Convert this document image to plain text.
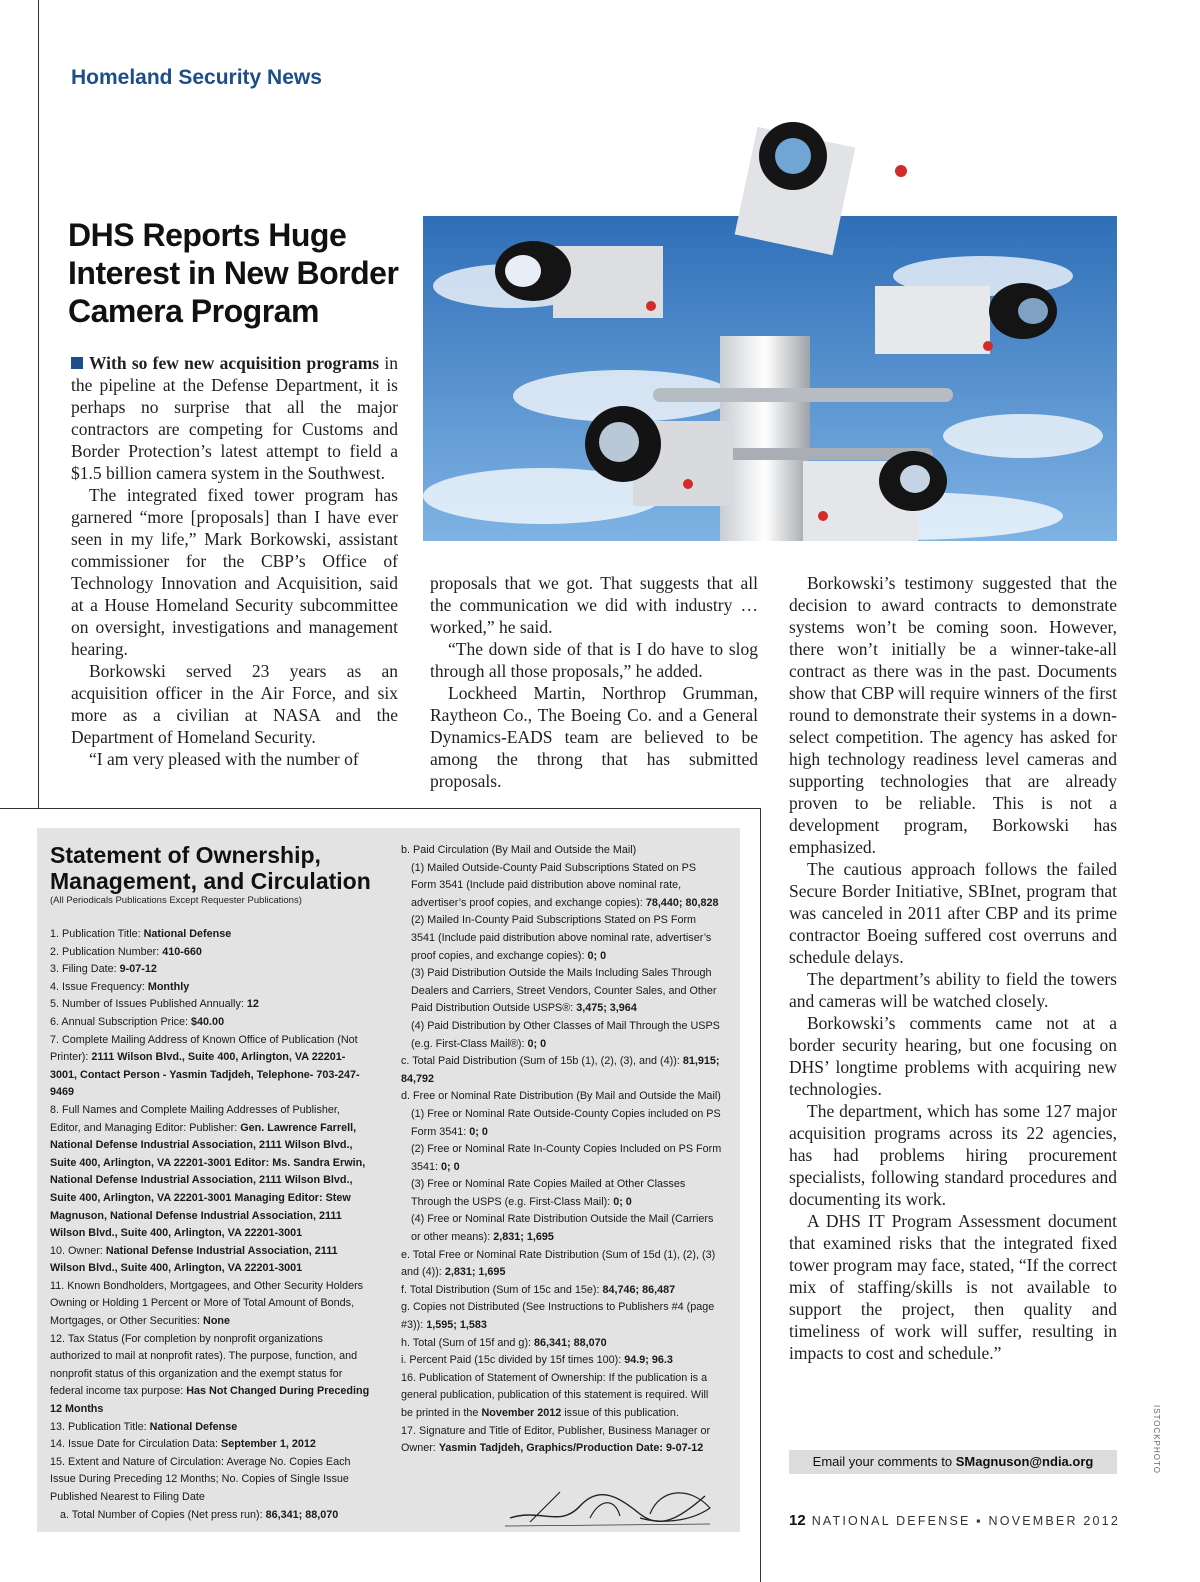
Homeland Security News
DHS Reports Huge Interest in New Border Camera Program

With so few new acquisition programs in the pipeline at the Defense Department, it is perhaps no surprise that all the major contractors are competing for Customs and Border Protection’s latest attempt to field a $1.5 billion camera system in the Southwest.

The integrated fixed tower program has garnered “more [proposals] than I have ever seen in my life,” Mark Borkowski, assistant commissioner for the CBP’s Office of Technology Innovation and Acquisition, said at a House Homeland Security subcommittee on oversight, investigations and management hearing.

Borkowski served 23 years as an acquisition officer in the Air Force, and six more as a civilian at NASA and the Department of Homeland Security.

“I am very pleased with the number of

proposals that we got. That suggests that all the communication we did with industry … worked,” he said.

“The down side of that is I do have to slog through all those proposals,” he added.

Lockheed Martin, Northrop Grumman, Raytheon Co., The Boeing Co. and a General Dynamics-EADS team are believed to be among the throng that has submitted proposals.

Borkowski’s testimony suggested that the decision to award contracts to demonstrate systems won’t be coming soon. However, there won’t initially be a winner-take-all contract as there was in the past. Documents show that CBP will require winners of the first round to demonstrate their systems in a down-select competition. The agency has asked for high technology readiness level cameras and supporting technologies that are already proven to be reliable. This is not a development program, Borkowski has emphasized.

The cautious approach follows the failed Secure Border Initiative, SBInet, program that was canceled in 2011 after CBP and its prime contractor Boeing suffered cost overruns and schedule delays.

The department’s ability to field the towers and cameras will be watched closely.

Borkowski’s comments came not at a border security hearing, but one focusing on DHS’ longtime problems with acquiring new technologies.

The department, which has some 127 major acquisition programs across its 22 agencies, has had problems hiring procurement specialists, following standard procedures and documenting its work.

A DHS IT Program Assessment document that examined risks that the integrated fixed tower program may face, stated, “If the correct mix of staffing/skills is not available to support the project, then quality and timeliness of work will suffer, resulting in impacts to cost and schedule.”

Statement of Ownership, Management, and Circulation
(All Periodicals Publications Except Requester Publications)
1. Publication Title: National Defense
2. Publication Number: 410-660
3. Filing Date: 9-07-12
4. Issue Frequency: Monthly
5. Number of Issues Published Annually: 12
6. Annual Subscription Price: $40.00
7. Complete Mailing Address of Known Office of Publication (Not Printer): 2111 Wilson Blvd., Suite 400, Arlington, VA 22201-3001, Contact Person - Yasmin Tadjdeh, Telephone- 703-247-9469
8. Full Names and Complete Mailing Addresses of Publisher, Editor, and Managing Editor: Publisher: Gen. Lawrence Farrell, National Defense Industrial Association, 2111 Wilson Blvd., Suite 400, Arlington, VA 22201-3001 Editor: Ms. Sandra Erwin, National Defense Industrial Association, 2111 Wilson Blvd., Suite 400, Arlington, VA 22201-3001 Managing Editor: Stew Magnuson, National Defense Industrial Association, 2111 Wilson Blvd., Suite 400, Arlington, VA 22201-3001
10. Owner: National Defense Industrial Association, 2111 Wilson Blvd., Suite 400, Arlington, VA 22201-3001
11. Known Bondholders, Mortgagees, and Other Security Holders Owning or Holding 1 Percent or More of Total Amount of Bonds, Mortgages, or Other Securities: None
12. Tax Status (For completion by nonprofit organizations authorized to mail at nonprofit rates). The purpose, function, and nonprofit status of this organization and the exempt status for federal income tax purpose: Has Not Changed During Preceding 12 Months
13. Publication Title: National Defense
14. Issue Date for Circulation Data: September 1, 2012
15. Extent and Nature of Circulation: Average No. Copies Each Issue During Preceding 12 Months; No. Copies of Single Issue Published Nearest to Filing Date
a. Total Number of Copies (Net press run): 86,341; 88,070
b. Paid Circulation (By Mail and Outside the Mail)
(1) Mailed Outside-County Paid Subscriptions Stated on PS Form 3541 (Include paid distribution above nominal rate, advertiser’s proof copies, and exchange copies): 78,440; 80,828
(2) Mailed In-County Paid Subscriptions Stated on PS Form 3541 (Include paid distribution above nominal rate, advertiser’s proof copies, and exchange copies): 0; 0
(3) Paid Distribution Outside the Mails Including Sales Through Dealers and Carriers, Street Vendors, Counter Sales, and Other Paid Distribution Outside USPS®: 3,475; 3,964
(4) Paid Distribution by Other Classes of Mail Through the USPS (e.g. First-Class Mail®): 0; 0
c. Total Paid Distribution (Sum of 15b (1), (2), (3), and (4)): 81,915; 84,792
d. Free or Nominal Rate Distribution (By Mail and Outside the Mail)
(1) Free or Nominal Rate Outside-County Copies included on PS Form 3541: 0; 0
(2) Free or Nominal Rate In-County Copies Included on PS Form 3541: 0; 0
(3) Free or Nominal Rate Copies Mailed at Other Classes Through the USPS (e.g. First-Class Mail): 0; 0
(4) Free or Nominal Rate Distribution Outside the Mail (Carriers or other means): 2,831; 1,695
e. Total Free or Nominal Rate Distribution (Sum of 15d (1), (2), (3) and (4)): 2,831; 1,695
f. Total Distribution (Sum of 15c and 15e): 84,746; 86,487
g. Copies not Distributed (See Instructions to Publishers #4 (page #3)): 1,595; 1,583
h. Total (Sum of 15f and g): 86,341; 88,070
i. Percent Paid (15c divided by 15f times 100): 94.9; 96.3
16. Publication of Statement of Ownership: If the publication is a general publication, publication of this statement is required. Will be printed in the November 2012 issue of this publication.
17. Signature and Title of Editor, Publisher, Business Manager or Owner: Yasmin Tadjdeh, Graphics/Production Date: 9-07-12
Email your comments to SMagnuson@ndia.org
12 NATIONAL DEFENSE ▪ NOVEMBER 2012
ISTOCKPHOTO
